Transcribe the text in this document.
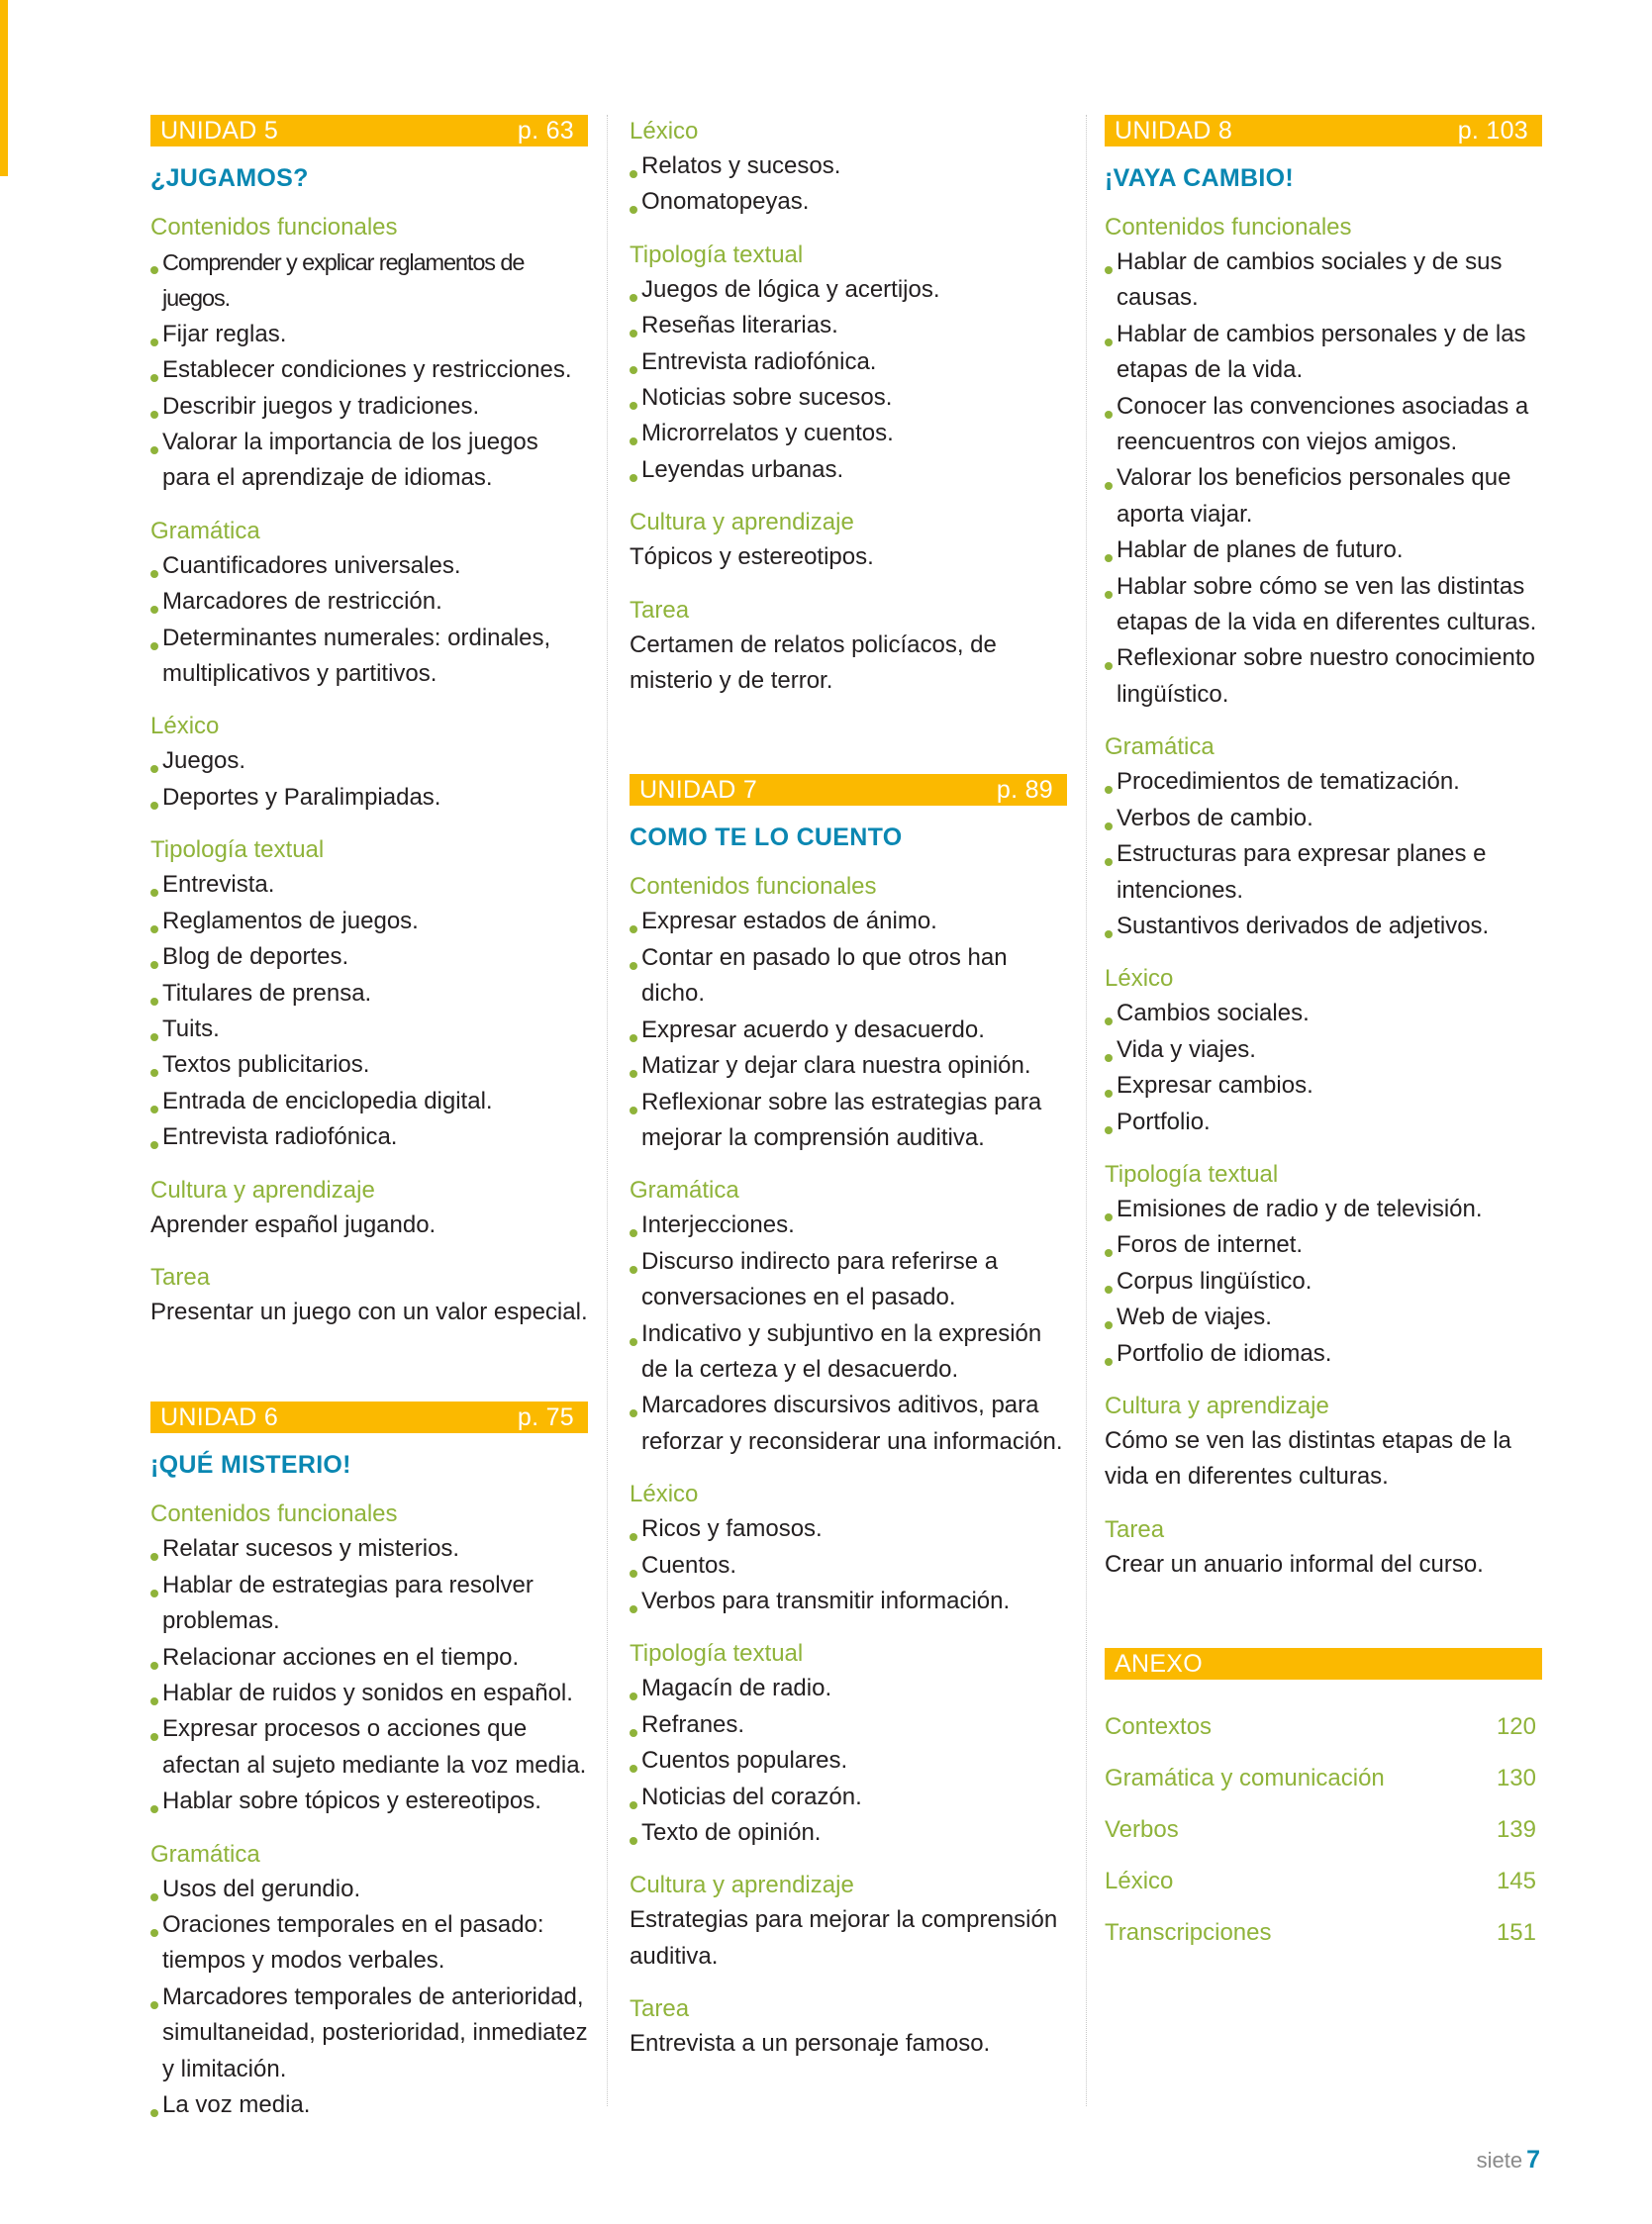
UNIDAD 5	p. 63
¿JUGAMOS?
Contenidos funcionales
Comprender y explicar reglamentos de juegos.
Fijar reglas.
Establecer condiciones y restricciones.
Describir juegos y tradiciones.
Valorar la importancia de los juegos para el aprendizaje de idiomas.
Gramática
Cuantificadores universales.
Marcadores de restricción.
Determinantes numerales: ordinales, multiplicativos y partitivos.
Léxico
Juegos.
Deportes y Paralimpiadas.
Tipología textual
Entrevista.
Reglamentos de juegos.
Blog de deportes.
Titulares de prensa.
Tuits.
Textos publicitarios.
Entrada de enciclopedia digital.
Entrevista radiofónica.
Cultura y aprendizaje
Aprender español jugando.
Tarea
Presentar un juego con un valor especial.
UNIDAD 6	p. 75
¡QUÉ MISTERIO!
Contenidos funcionales
Relatar sucesos y misterios.
Hablar de estrategias para resolver problemas.
Relacionar acciones en el tiempo.
Hablar de ruidos y sonidos en español.
Expresar procesos o acciones que afectan al sujeto mediante la voz media.
Hablar sobre tópicos y estereotipos.
Gramática
Usos del gerundio.
Oraciones temporales en el pasado: tiempos y modos verbales.
Marcadores temporales de anterioridad, simultaneidad, posterioridad, inmediatez y limitación.
La voz media.
Léxico
Relatos y sucesos.
Onomatopeyas.
Tipología textual
Juegos de lógica y acertijos.
Reseñas literarias.
Entrevista radiofónica.
Noticias sobre sucesos.
Microrrelatos y cuentos.
Leyendas urbanas.
Cultura y aprendizaje
Tópicos y estereotipos.
Tarea
Certamen de relatos policíacos, de misterio y de terror.
UNIDAD 7	p. 89
COMO TE LO CUENTO
Contenidos funcionales
Expresar estados de ánimo.
Contar en pasado lo que otros han dicho.
Expresar acuerdo y desacuerdo.
Matizar y dejar clara nuestra opinión.
Reflexionar sobre las estrategias para mejorar la comprensión auditiva.
Gramática
Interjecciones.
Discurso indirecto para referirse a conversaciones en el pasado.
Indicativo y subjuntivo en la expresión de la certeza y el desacuerdo.
Marcadores discursivos aditivos, para reforzar y reconsiderar una información.
Léxico
Ricos y famosos.
Cuentos.
Verbos para transmitir información.
Tipología textual
Magacín de radio.
Refranes.
Cuentos populares.
Noticias del corazón.
Texto de opinión.
Cultura y aprendizaje
Estrategias para mejorar la comprensión auditiva.
Tarea
Entrevista a un personaje famoso.
UNIDAD 8	p. 103
¡VAYA CAMBIO!
Contenidos funcionales
Hablar de cambios sociales y de sus causas.
Hablar de cambios personales y de las etapas de la vida.
Conocer las convenciones asociadas a reencuentros con viejos amigos.
Valorar los beneficios personales que aporta viajar.
Hablar de planes de futuro.
Hablar sobre cómo se ven las distintas etapas de la vida en diferentes culturas.
Reflexionar sobre nuestro conocimiento lingüístico.
Gramática
Procedimientos de tematización.
Verbos de cambio.
Estructuras para expresar planes e intenciones.
Sustantivos derivados de adjetivos.
Léxico
Cambios sociales.
Vida y viajes.
Expresar cambios.
Portfolio.
Tipología textual
Emisiones de radio y de televisión.
Foros de internet.
Corpus lingüístico.
Web de viajes.
Portfolio de idiomas.
Cultura y aprendizaje
Cómo se ven las distintas etapas de la vida en diferentes culturas.
Tarea
Crear un anuario informal del curso.
ANEXO
Contextos	120
Gramática y comunicación	130
Verbos	139
Léxico	145
Transcripciones	151
siete 7
